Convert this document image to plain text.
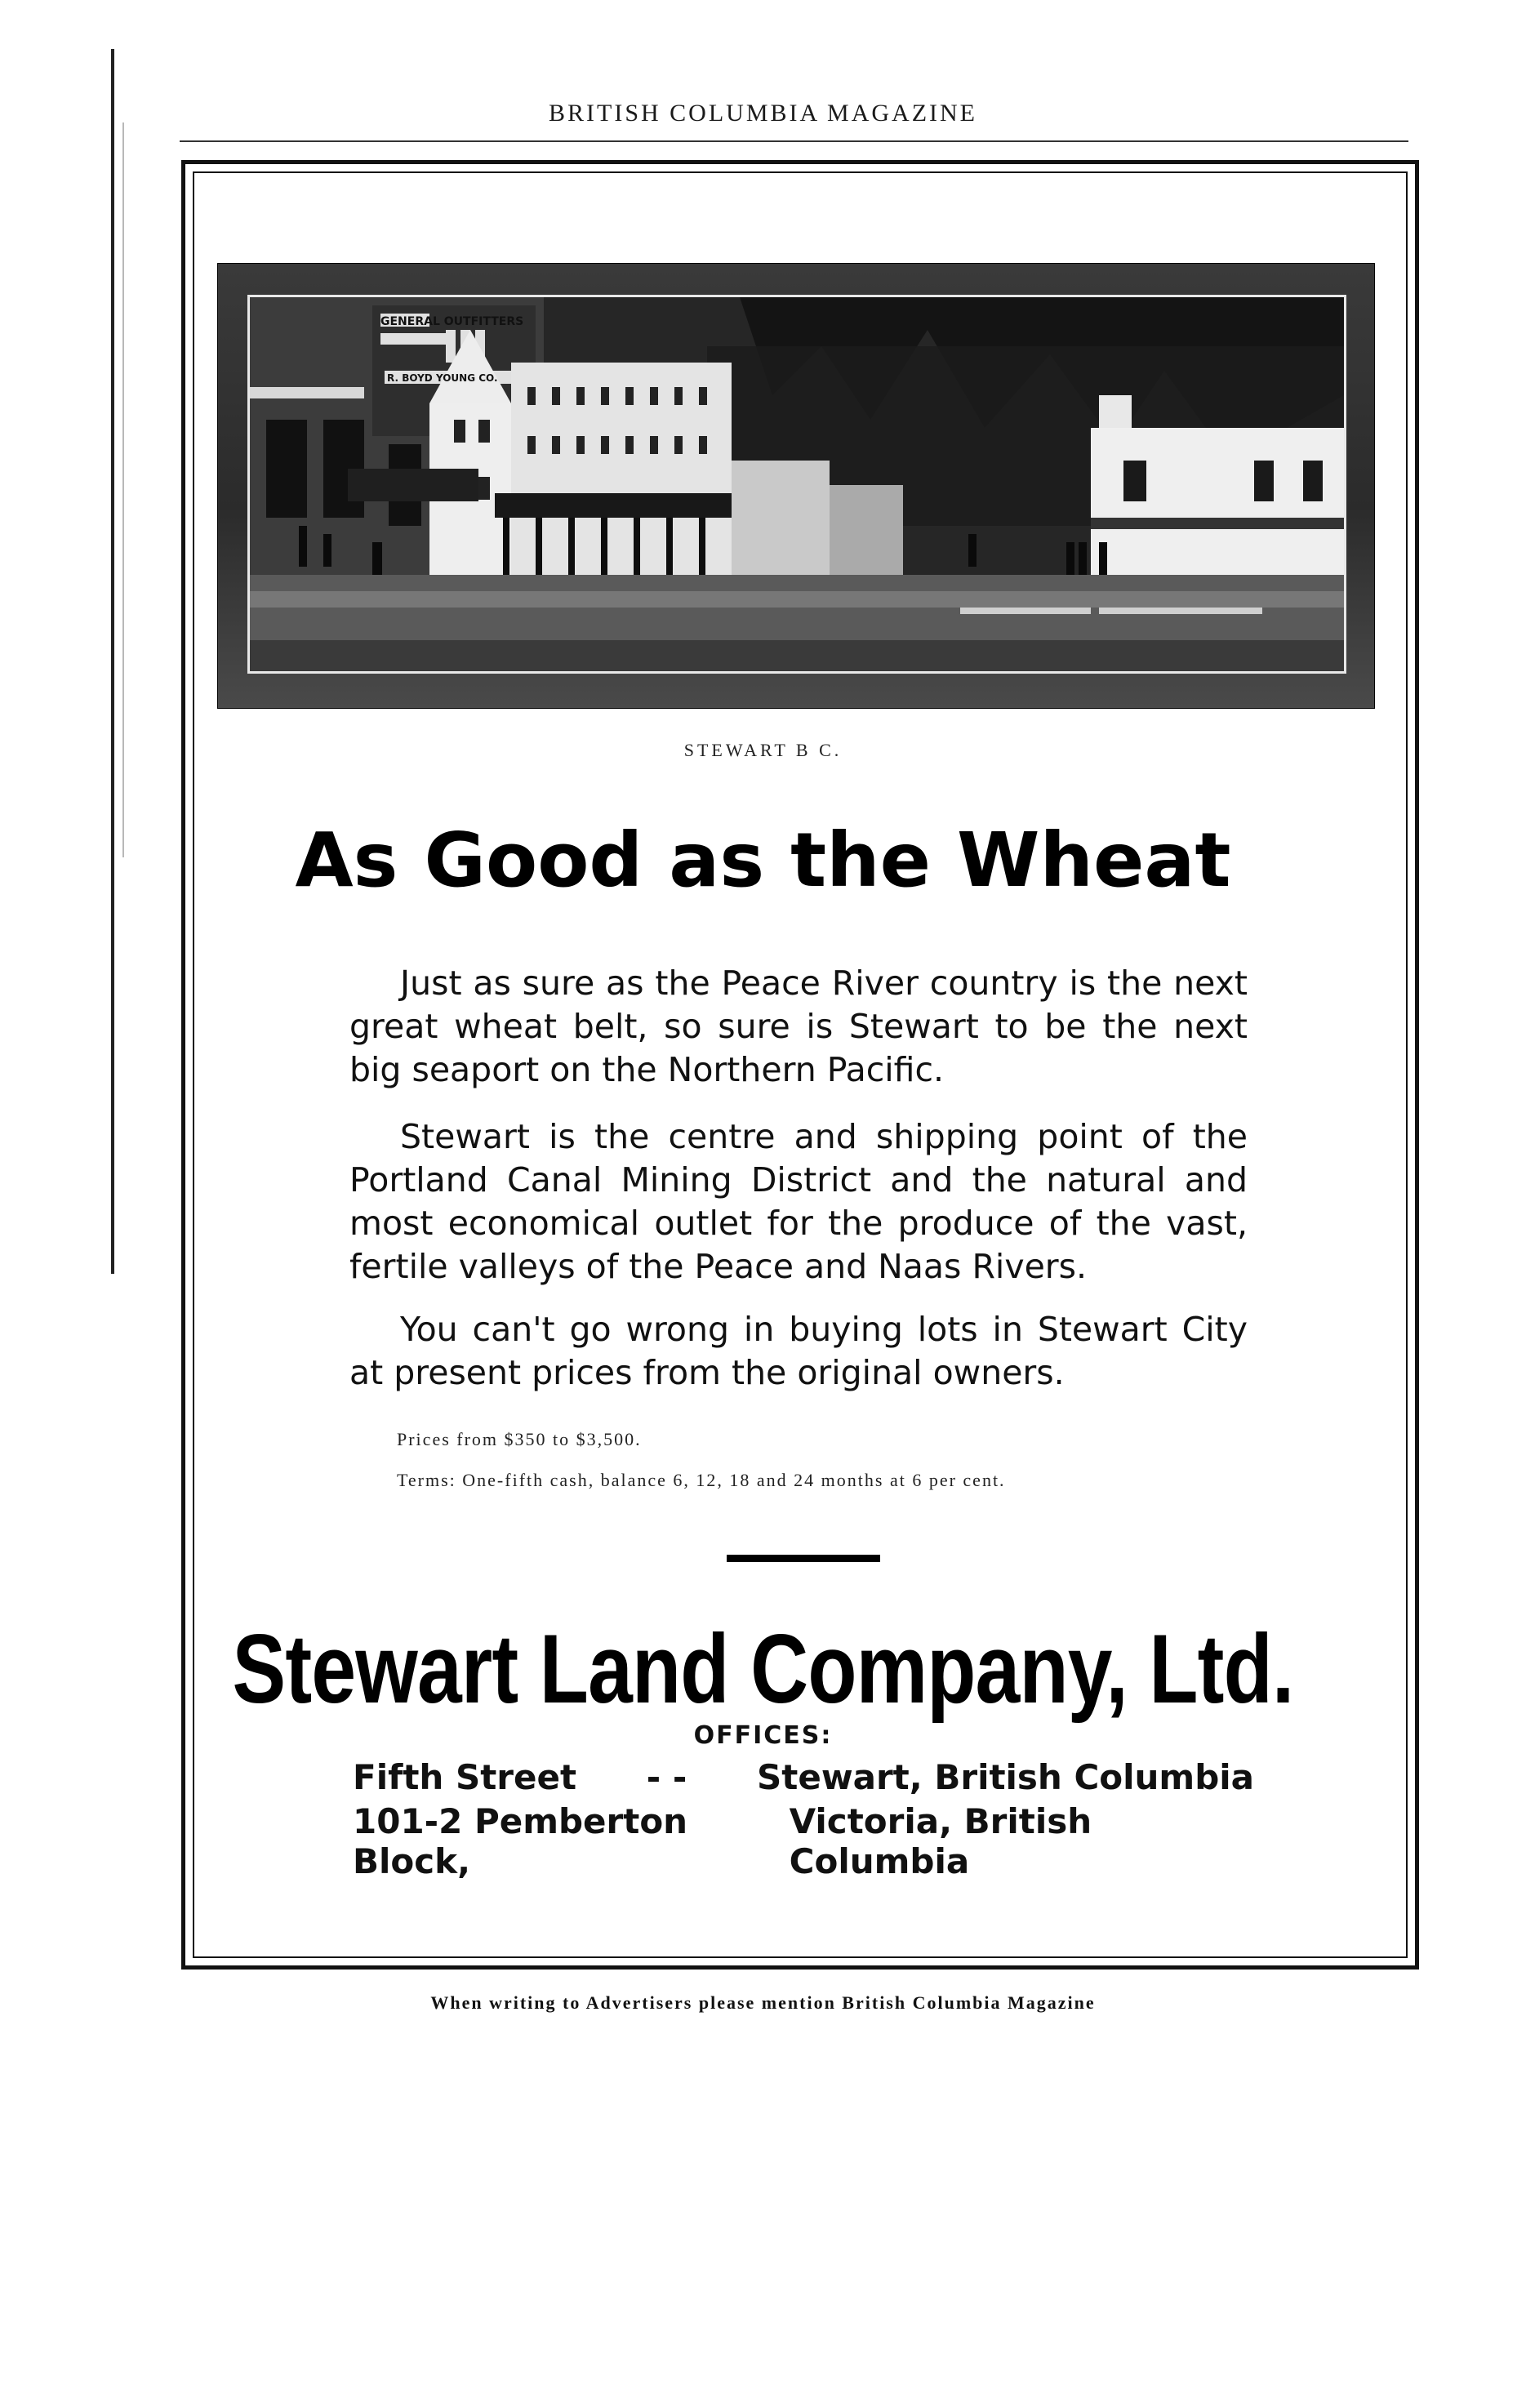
BRITISH COLUMBIA MAGAZINE
GENERAL OUTFITTERS
R. BOYD YOUNG CO.
STEWART B C.
As Good as the Wheat
Just as sure as the Peace River country is the next great wheat belt, so sure is Stewart to be the next big seaport on the Northern Pacific.
Stewart is the centre and shipping point of the Portland Canal Mining District and the natural and most economical outlet for the produce of the vast, fertile valleys of the Peace and Naas Rivers.
You can't go wrong in buying lots in Stewart City at present prices from the original owners.
Prices from $350 to $3,500.
Terms: One-fifth cash, balance 6, 12, 18 and 24 months at 6 per cent.
Stewart Land Company, Ltd.
OFFICES:
Fifth Street	- -	Stewart, British Columbia
101-2 Pemberton Block,
Victoria, British Columbia
When writing to Advertisers please mention British Columbia Magazine
